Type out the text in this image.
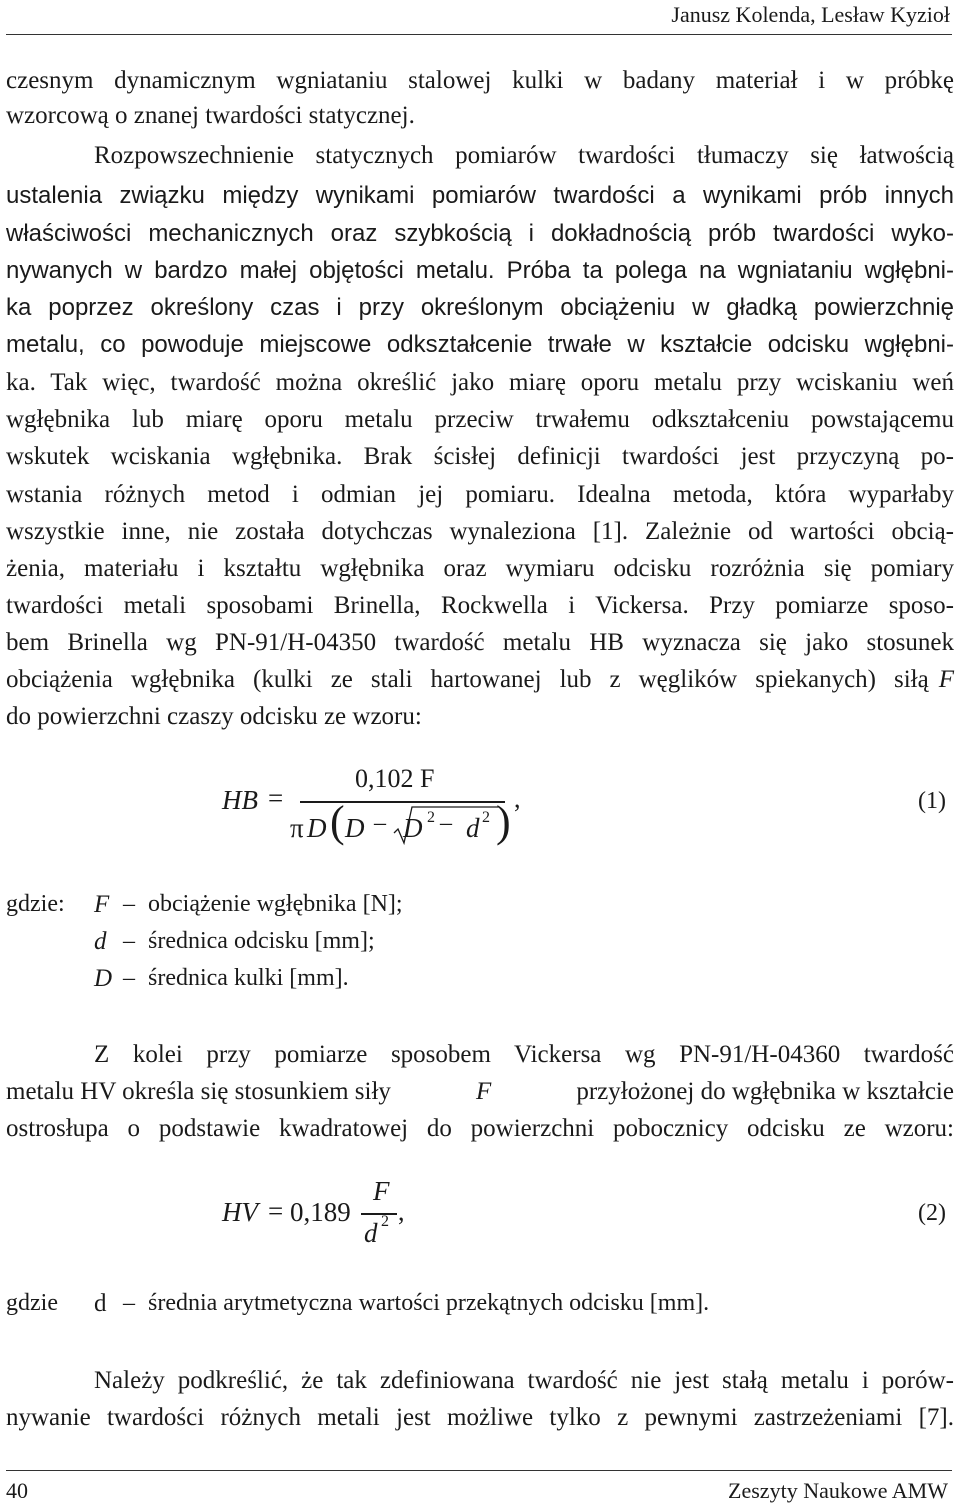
Janusz Kolenda, Lesław Kyzioł
czesnym dynamicznym wgniataniu stalowej kulki w badany materiał i w próbkę
wzorcową o znanej twardości statycznej.
Rozpowszechnienie statycznych pomiarów twardości tłumaczy się łatwością
ustalenia związku między wynikami pomiarów twardości a wynikami prób innych
właściwości mechanicznych oraz szybkością i dokładnością prób twardości wyko-
nywanych w bardzo małej objętości metalu. Próba ta polega na wgniataniu wgłębni-
ka poprzez określony czas i przy określonym obciążeniu w gładką powierzchnię
metalu, co powoduje miejscowe odkształcenie trwałe w kształcie odcisku wgłębni-
ka. Tak więc, twardość można określić jako miarę oporu metalu przy wciskaniu weń
wgłębnika lub miarę oporu metalu przeciw trwałemu odkształceniu powstającemu
wskutek wciskania wgłębnika. Brak ścisłej definicji twardości jest przyczyną po-
wstania różnych metod i odmian jej pomiaru. Idealna metoda, która wyparłaby
wszystkie inne, nie została dotychczas wynaleziona [1]. Zależnie od wartości obcią-
żenia, materiału i kształtu wgłębnika oraz wymiaru odcisku rozróżnia się pomiary
twardości metali sposobami Brinella, Rockwella i Vickersa. Przy pomiarze sposo-
bem Brinella wg PN-91/H-04350 twardość metalu HB wyznacza się jako stosunek
obciążenia wgłębnika (kulki ze stali hartowanej lub z węglików spiekanych) siłą F
do powierzchni czaszy odcisku ze wzoru:
HB =
0,102 F
π D ( D – D 2 – d 2 ) ,	(1)
gdzie: F – obciążenie wgłębnika [N];
d – średnica odcisku [mm];
D – średnica kulki [mm].
Z kolei przy pomiarze sposobem Vickersa wg PN-91/H-04360 twardość
metalu HV określa się stosunkiem siły	F	przyłożonej do wgłębnika w kształcie
ostrosłupa o podstawie kwadratowej do powierzchni pobocznicy odcisku ze wzoru:
HV = 0,189
F
d 2 ,	(2)
gdzie d – średnia arytmetyczna wartości przekątnych odcisku [mm].
Należy podkreślić, że tak zdefiniowana twardość nie jest stałą metalu i porów-
nywanie twardości różnych metali jest możliwe tylko z pewnymi zastrzeżeniami [7].
40	Zeszyty Naukowe AMW
